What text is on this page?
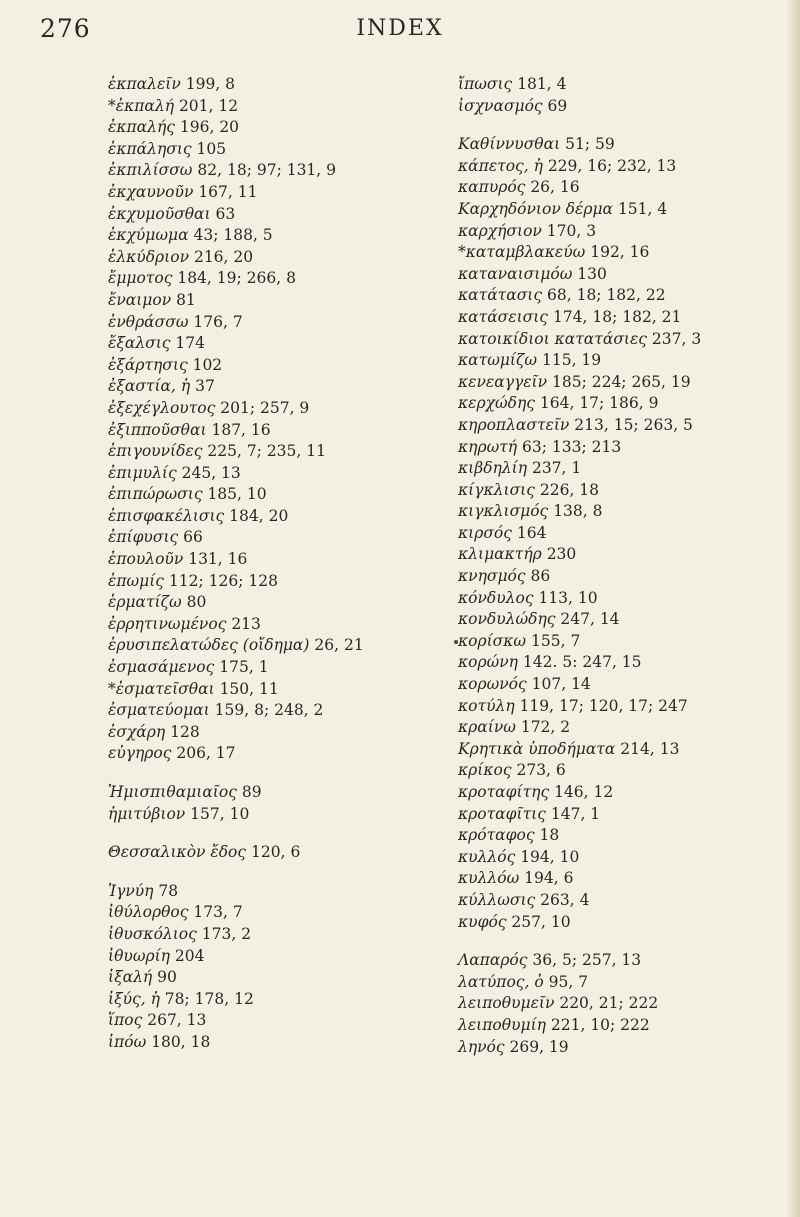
276	INDEX
ἐκπαλεῖν 199, 8
*ἐκπαλή 201, 12
ἐκπαλής 196, 20
ἐκπάλησις 105
ἐκπιλίσσω 82, 18; 97; 131, 9
ἐκχαυνοῦν 167, 11
ἐκχυμοῦσθαι 63
ἐκχύμωμα 43; 188, 5
ἑλκύδριον 216, 20
ἔμμοτος 184, 19; 266, 8
ἔναιμον 81
ἐνθράσσω 176, 7
ἔξαλσις 174
ἐξάρτησις 102
ἐξαστία, ἡ 37
ἐξεχέγλουτος 201; 257, 9
ἐξιπποῦσθαι 187, 16
ἐπιγουνίδες 225, 7; 235, 11
ἐπιμυλίς 245, 13
ἐπιπώρωσις 185, 10
ἐπισφακέλισις 184, 20
ἐπίφυσις 66
ἐπουλοῦν 131, 16
ἐπωμίς 112; 126; 128
ἑρματίζω 80
ἐρρητινωμένος 213
ἐρυσιπελατώδες (οἴδημα) 26, 21
ἐσμασάμενος 175, 1
*ἐσματεῖσθαι 150, 11
ἐσματεύομαι 159, 8; 248, 2
ἐσχάρη 128
εὐγηρος 206, 17
Ἡμισπιθαμιαῖος 89
ἡμιτύβιον 157, 10
Θεσσαλικὸν ἔδος 120, 6
Ἰγνύη 78
ἰθύλορθος 173, 7
ἰθυσκόλιος 173, 2
ἰθυωρίη 204
ἰξαλή 90
ἰξύς, ἡ 78; 178, 12
ἵπος 267, 13
ἰπόω 180, 18
ἴπωσις 181, 4
ἰσχνασμός 69
Καθίννυσθαι 51; 59
κάπετος, ἡ 229, 16; 232, 13
καπυρός 26, 16
Καρχηδόνιον δέρμα 151, 4
καρχήσιον 170, 3
*καταμβλακεύω 192, 16
καταναισιμόω 130
κατάτασις 68, 18; 182, 22
κατάσεισις 174, 18; 182, 21
κατοικίδιοι κατατάσιες 237, 3
κατωμίζω 115, 19
κενεαγγεῖν 185; 224; 265, 19
κερχώδης 164, 17; 186, 9
κηροπλαστεῖν 213, 15; 263, 5
κηρωτή 63; 133; 213
κιβδηλίη 237, 1
κίγκλισις 226, 18
κιγκλισμός 138, 8
κιρσός 164
κλιμακτήρ 230
κνησμός 86
κόνδυλος 113, 10
κονδυλώδης 247, 14
κορίσκω 155, 7
κορώνη 142. 5: 247, 15
κορωνός 107, 14
κοτύλη 119, 17; 120, 17; 247
κραίνω 172, 2
Κρητικὰ ὑποδήματα 214, 13
κρίκος 273, 6
κροταφίτης 146, 12
κροταφῖτις 147, 1
κρόταφος 18
κυλλός 194, 10
κυλλόω 194, 6
κύλλωσις 263, 4
κυφός 257, 10
Λαπαρός 36, 5; 257, 13
λατύπος, ὁ 95, 7
λειποθυμεῖν 220, 21; 222
λειποθυμίη 221, 10; 222
ληνός 269, 19
